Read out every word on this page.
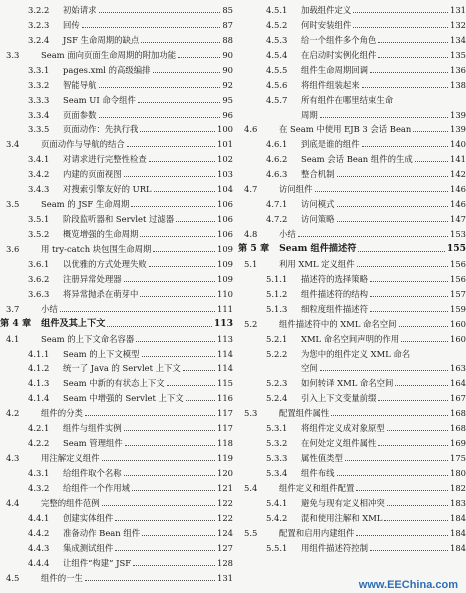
3.2.2	初始请求	85
3.2.3	回传	87
3.2.4	JSF 生命周期的缺点	88
3.3	Seam 面向页面生命周期的附加功能	90
3.3.1	pages.xml 的高级编排	90
3.3.2	智能导航	92
3.3.3	Seam UI 命令组件	95
3.3.4	页面参数	96
3.3.5	页面动作：先执行我	100
3.4	页面动作与导航的结合	101
3.4.1	对请求进行完整性检查	102
3.4.2	内建的页面视图	103
3.4.3	对搜索引擎友好的 URL	104
3.5	Seam 的 JSF 生命周期	106
3.5.1	阶段监听器和 Servlet 过滤器	106
3.5.2	概览增强的生命周期	106
3.6	用 try-catch 块包围生命周期	109
3.6.1	以优雅的方式处理失败	109
3.6.2	注册异常处理器	109
3.6.3	将异常抛杀在萌芽中	110
3.7	小结	111
第 4 章 组件及其上下文	113
4.1	Seam 的上下文命名容器	113
4.1.1	Seam 的上下文模型	114
4.1.2	统一了 Java 的 Servlet 上下文	114
4.1.3	Seam 中新的有状态上下文	115
4.1.4	Seam 中增强的 Servlet 上下文	116
4.2	组件的分类	117
4.2.1	组件与组件实例	117
4.2.2	Seam 管理组件	118
4.3	用注解定义组件	119
4.3.1	给组件取个名称	120
4.3.2	给组件一个作用域	121
4.4	完整的组件范例	122
4.4.1	创建实体组件	122
4.4.2	准备动作 Bean 组件	124
4.4.3	集成测试组件	127
4.4.4	让组件“构建” JSF	128
4.5	组件的一生	131
4.5.1	加载组件定义	131
4.5.2	何时安装组件	132
4.5.3	给一个组件多个角色	134
4.5.4	在启动时实例化组件	135
4.5.5	组件生命周期回调	136
4.5.6	将组件组装起来	138
4.5.7	所有组件在哪里结束生命
周期	139
4.6	在 Seam 中使用 EJB 3 会话 Bean	139
4.6.1	到底是谁的组件	140
4.6.2	Seam 会话 Bean 组件的生成	141
4.6.3	整合机制	142
4.7	访问组件	146
4.7.1	访问模式	146
4.7.2	访问策略	147
4.8	小结	153
第 5 章 Seam 组件描述符	155
5.1	利用 XML 定义组件	156
5.1.1	描述符的选择策略	156
5.1.2	组件描述符的结构	157
5.1.3	细粒度组件描述符	159
5.2	组件描述符中的 XML 命名空间	160
5.2.1	XML 命名空间声明的作用	160
5.2.2	为您中的组件定义 XML 命名
空间	163
5.2.3	如何转译 XML 命名空间	164
5.2.4	引入上下文变量前缀	167
5.3	配置组件属性	168
5.3.1	将组件定义成对象原型	168
5.3.2	在何处定义组件属性	169
5.3.3	属性值类型	175
5.3.4	组件布线	180
5.4	组件定义和组件配置	182
5.4.1	避免与现有定义相冲突	183
5.4.2	混和使用注解和 XML	184
5.5	配置和启用内建组件	184
5.5.1	用组件描述符控制	184
www.EEChina.com
